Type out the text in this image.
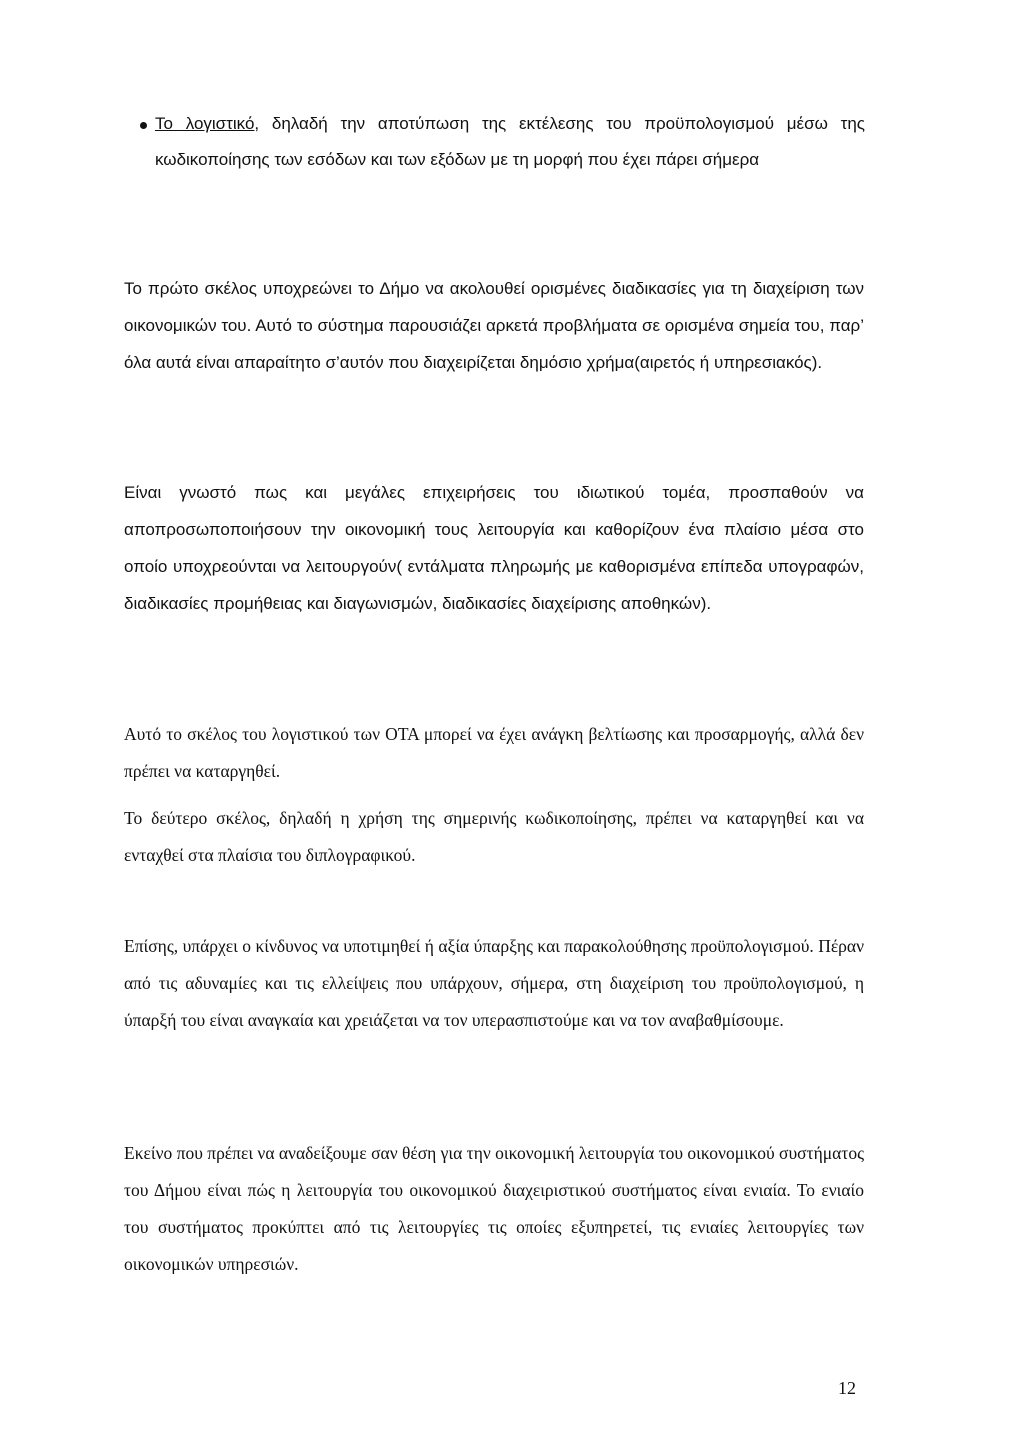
Το λογιστικό, δηλαδή την αποτύπωση της εκτέλεσης του προϋπολογισμού μέσω της κωδικοποίησης των εσόδων και των εξόδων με τη μορφή που έχει πάρει σήμερα

Το πρώτο σκέλος υποχρεώνει το Δήμο να ακολουθεί ορισμένες διαδικασίες για τη διαχείριση των οικονομικών του. Αυτό το σύστημα παρουσιάζει αρκετά προβλήματα σε ορισμένα σημεία του, παρ’ όλα αυτά είναι απαραίτητο σ’αυτόν που διαχειρίζεται δημόσιο χρήμα(αιρετός ή υπηρεσιακός).

Είναι γνωστό πως και μεγάλες επιχειρήσεις του ιδιωτικού τομέα, προσπαθούν να αποπροσωποποιήσουν την οικονομική τους λειτουργία και καθορίζουν ένα πλαίσιο μέσα στο οποίο υποχρεούνται να λειτουργούν( εντάλματα πληρωμής με καθορισμένα επίπεδα υπογραφών, διαδικασίες προμήθειας και διαγωνισμών, διαδικασίες διαχείρισης αποθηκών).

Αυτό το σκέλος του λογιστικού των ΟΤΑ μπορεί να έχει ανάγκη βελτίωσης και προσαρμογής, αλλά δεν πρέπει να καταργηθεί.

Το δεύτερο σκέλος, δηλαδή η χρήση της σημερινής κωδικοποίησης, πρέπει να καταργηθεί και να ενταχθεί στα πλαίσια του διπλογραφικού.

Επίσης, υπάρχει ο κίνδυνος να υποτιμηθεί ή αξία ύπαρξης και παρακολούθησης προϋπολογισμού. Πέραν από τις αδυναμίες και τις ελλείψεις που υπάρχουν, σήμερα, στη διαχείριση του προϋπολογισμού, η ύπαρξή του είναι αναγκαία και χρειάζεται να τον υπερασπιστούμε και να τον αναβαθμίσουμε.

Εκείνο που πρέπει να αναδείξουμε σαν θέση για την οικονομική λειτουργία του οικονομικού συστήματος του Δήμου είναι πώς η λειτουργία του οικονομικού διαχειριστικού συστήματος είναι ενιαία. Το ενιαίο του συστήματος προκύπτει από τις λειτουργίες τις οποίες εξυπηρετεί, τις ενιαίες λειτουργίες των οικονομικών υπηρεσιών.

12
